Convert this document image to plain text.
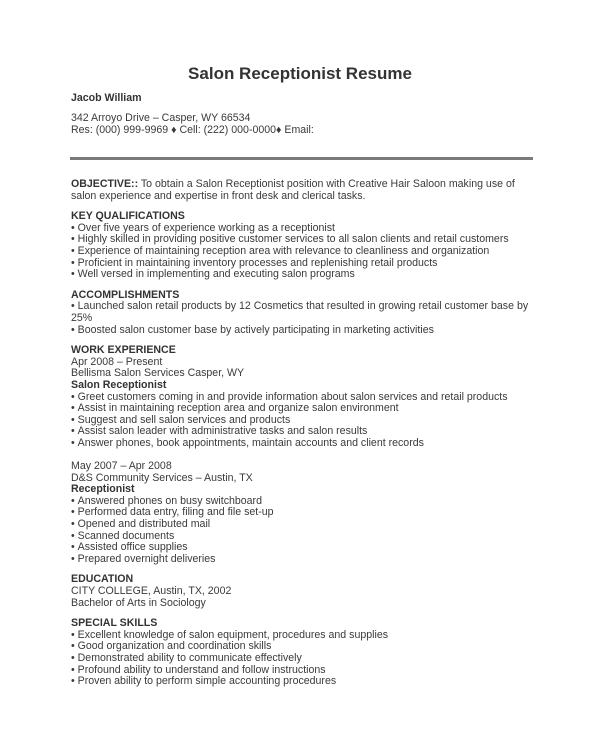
Salon Receptionist Resume
Jacob William
342 Arroyo Drive – Casper, WY 66534
Res: (000) 999-9969 ♦ Cell: (222) 000-0000♦ Email:
OBJECTIVE:: To obtain a Salon Receptionist position with Creative Hair Saloon making use of salon experience and expertise in front desk and clerical tasks.
KEY QUALIFICATIONS
• Over five years of experience working as a receptionist
• Highly skilled in providing positive customer services to all salon clients and retail customers
• Experience of maintaining reception area with relevance to cleanliness and organization
• Proficient in maintaining inventory processes and replenishing retail products
• Well versed in implementing and executing salon programs
ACCOMPLISHMENTS
• Launched salon retail products by 12 Cosmetics that resulted in growing retail customer base by 25%
• Boosted salon customer base by actively participating in marketing activities
WORK EXPERIENCE
Apr 2008 – Present
Bellisma Salon Services Casper, WY
Salon Receptionist
• Greet customers coming in and provide information about salon services and retail products
• Assist in maintaining reception area and organize salon environment
• Suggest and sell salon services and products
• Assist salon leader with administrative tasks and salon results
• Answer phones, book appointments, maintain accounts and client records
May 2007 – Apr 2008
D&S Community Services – Austin, TX
Receptionist
• Answered phones on busy switchboard
• Performed data entry, filing and file set-up
• Opened and distributed mail
• Scanned documents
• Assisted office supplies
• Prepared overnight deliveries
EDUCATION
CITY COLLEGE, Austin, TX, 2002
Bachelor of Arts in Sociology
SPECIAL SKILLS
• Excellent knowledge of salon equipment, procedures and supplies
• Good organization and coordination skills
• Demonstrated ability to communicate effectively
• Profound ability to understand and follow instructions
• Proven ability to perform simple accounting procedures
